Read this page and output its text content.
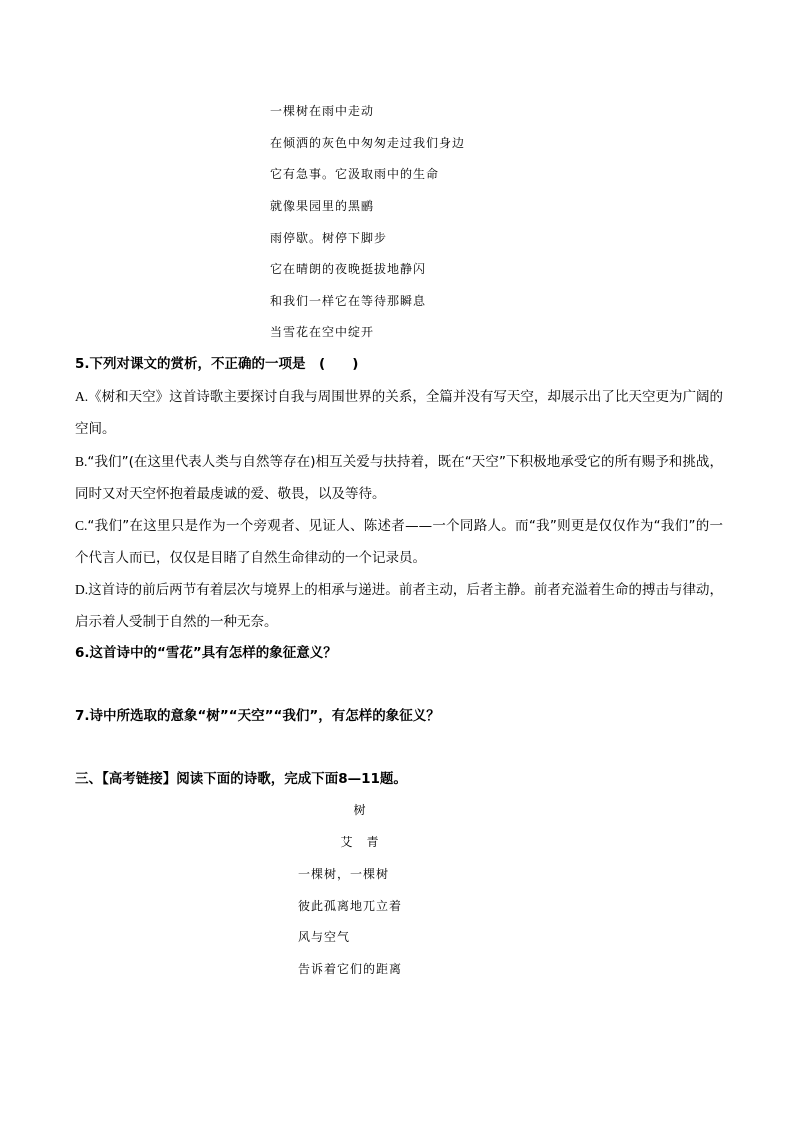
一棵树在雨中走动
在倾洒的灰色中匆匆走过我们身边
它有急事。它汲取雨中的生命
就像果园里的黑鹂
雨停歇。树停下脚步
它在晴朗的夜晚挺拔地静闪
和我们一样它在等待那瞬息
当雪花在空中绽开
5.下列对课文的赏析，不正确的一项是　(　　)
A.《树和天空》这首诗歌主要探讨自我与周围世界的关系，全篇并没有写天空，却展示出了比天空更为广阔的空间。
B.“我们”(在这里代表人类与自然等存在)相互关爱与扶持着，既在“天空”下积极地承受它的所有赐予和挑战，同时又对天空怀抱着最虔诚的爱、敬畏，以及等待。
C.“我们”在这里只是作为一个旁观者、见证人、陈述者——一个同路人。而“我”则更是仅仅作为“我们”的一个代言人而已，仅仅是目睹了自然生命律动的一个记录员。
D.这首诗的前后两节有着层次与境界上的相承与递进。前者主动，后者主静。前者充溢着生命的搏击与律动，启示着人受制于自然的一种无奈。
6.这首诗中的“雪花”具有怎样的象征意义？
7.诗中所选取的意象“树”“天空”“我们”，有怎样的象征义？
三、【高考链接】阅读下面的诗歌，完成下面8—11题。
树
艾　青
一棵树，一棵树
彼此孤离地兀立着
风与空气
告诉着它们的距离
